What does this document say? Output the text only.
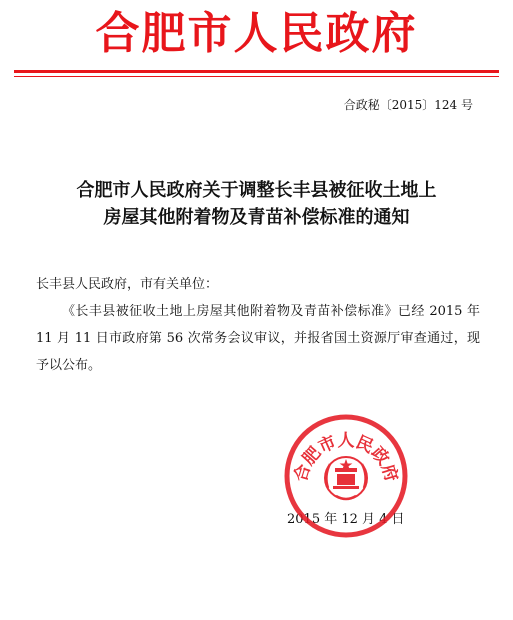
合肥市人民政府
合政秘〔2015〕124 号
合肥市人民政府关于调整长丰县被征收土地上
房屋其他附着物及青苗补偿标准的通知

长丰县人民政府，市有关单位：

《长丰县被征收土地上房屋其他附着物及青苗补偿标准》已经 2015 年 11 月 11 日市政府第 56 次常务会议审议，并报省国土资源厅审查通过，现予以公布。

2015 年 12 月 4 日
合肥市人民政府
